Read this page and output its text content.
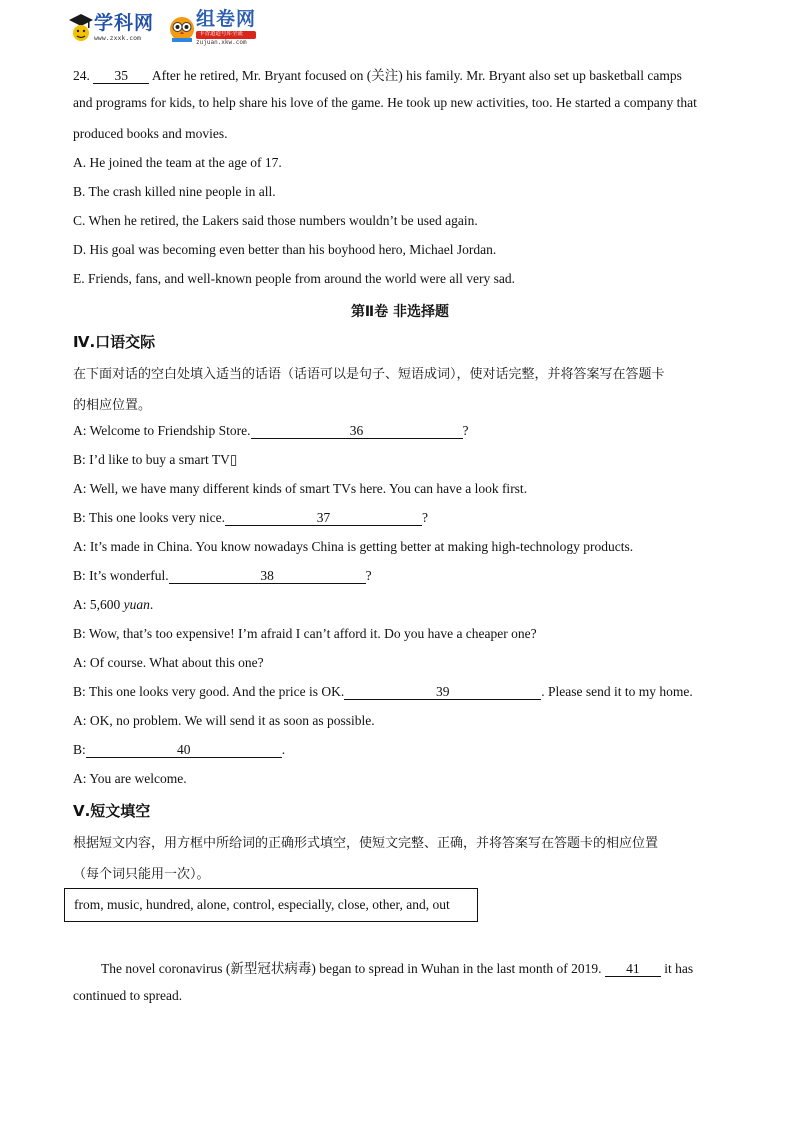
学科网
www.zxxk.com
组卷网
卡香道道号库全流
zujuan.xkw.com
24. 35 After he retired, Mr. Bryant focused on (关注) his family. Mr. Bryant also set up basketball camps
and programs for kids, to help share his love of the game. He took up new activities, too. He started a company that
produced books and movies.
A. He joined the team at the age of 17.
B. The crash killed nine people in all.
C. When he retired, the Lakers said those numbers wouldn’t be used again.
D. His goal was becoming even better than his boyhood hero, Michael Jordan.
E. Friends, fans, and well-known people from around the world were all very sad.
第Ⅱ卷 非选择题
Ⅳ.口语交际
在下面对话的空白处填入适当的话语（话语可以是句子、短语成词），使对话完整，并将答案写在答题卡
的相应位置。
A: Welcome to Friendship Store.	36	?
B: I’d like to buy a smart TV▯
A: Well, we have many different kinds of smart TVs here. You can have a look first.
B: This one looks very nice.	37	?
A: It’s made in China. You know nowadays China is getting better at making high-technology products.
B: It’s wonderful.	38	?
A: 5,600 yuan.
B: Wow, that’s too expensive! I’m afraid I can’t afford it. Do you have a cheaper one?
A: Of course. What about this one?
B: This one looks very good. And the price is OK.	39	. Please send it to my home.
A: OK, no problem. We will send it as soon as possible.
B:	40	.
A: You are welcome.
Ⅴ.短文填空
根据短文内容，用方框中所给词的正确形式填空，使短文完整、正确，并将答案写在答题卡的相应位置
（每个词只能用一次）。
from, music, hundred, alone, control, especially, close, other, and, out
The novel coronavirus (新型冠状病毒) began to spread in Wuhan in the last month of 2019. 41 it has
continued to spread.
